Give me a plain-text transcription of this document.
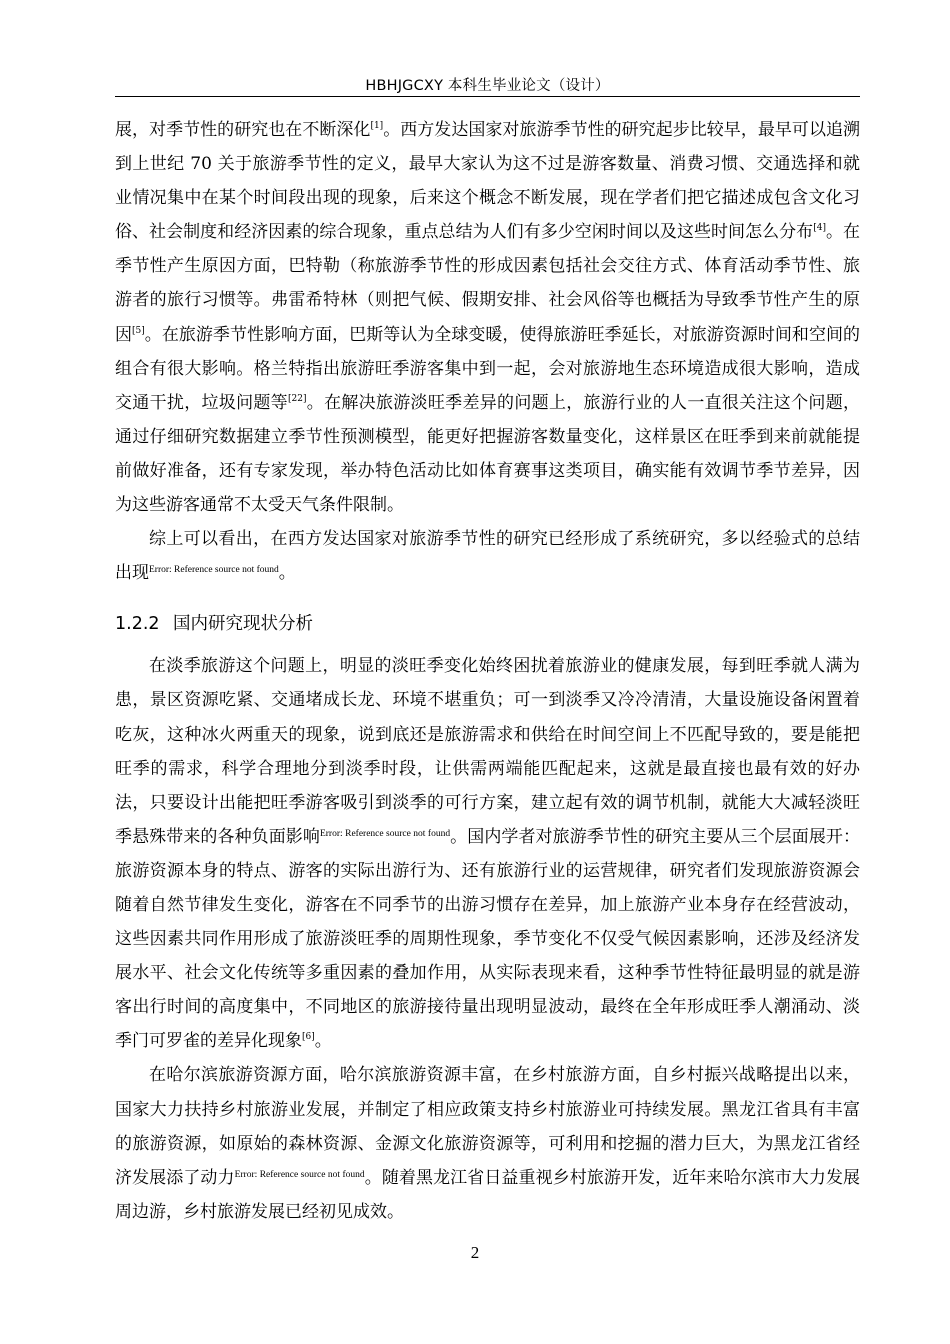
HBHJGCXY 本科生毕业论文（设计）

展，对季节性的研究也在不断深化[1]。西方发达国家对旅游季节性的研究起步比较早，最早可以追溯到上世纪 70 关于旅游季节性的定义，最早大家认为这不过是游客数量、消费习惯、交通选择和就业情况集中在某个时间段出现的现象，后来这个概念不断发展，现在学者们把它描述成包含文化习俗、社会制度和经济因素的综合现象，重点总结为人们有多少空闲时间以及这些时间怎么分布[4]。在季节性产生原因方面，巴特勒（称旅游季节性的形成因素包括社会交往方式、体育活动季节性、旅游者的旅行习惯等。弗雷希特林（则把气候、假期安排、社会风俗等也概括为导致季节性产生的原因[5]。在旅游季节性影响方面，巴斯等认为全球变暖，使得旅游旺季延长，对旅游资源时间和空间的组合有很大影响。格兰特指出旅游旺季游客集中到一起，会对旅游地生态环境造成很大影响，造成交通干扰，垃圾问题等[22]。在解决旅游淡旺季差异的问题上，旅游行业的人一直很关注这个问题，通过仔细研究数据建立季节性预测模型，能更好把握游客数量变化，这样景区在旺季到来前就能提前做好准备，还有专家发现，举办特色活动比如体育赛事这类项目，确实能有效调节季节差异，因为这些游客通常不太受天气条件限制。

综上可以看出，在西方发达国家对旅游季节性的研究已经形成了系统研究，多以经验式的总结出现$^{Error: Reference source not found}$。

1.2.2 国内研究现状分析

在淡季旅游这个问题上，明显的淡旺季变化始终困扰着旅游业的健康发展，每到旺季就人满为患，景区资源吃紧、交通堵成长龙、环境不堪重负；可一到淡季又冷冷清清，大量设施设备闲置着吃灰，这种冰火两重天的现象，说到底还是旅游需求和供给在时间空间上不匹配导致的，要是能把旺季的需求，科学合理地分到淡季时段，让供需两端能匹配起来，这就是最直接也最有效的好办法，只要设计出能把旺季游客吸引到淡季的可行方案，建立起有效的调节机制，就能大大减轻淡旺季悬殊带来的各种负面影响$^{Error: Reference source not found}$。国内学者对旅游季节性的研究主要从三个层面展开：旅游资源本身的特点、游客的实际出游行为、还有旅游行业的运营规律，研究者们发现旅游资源会随着自然节律发生变化，游客在不同季节的出游习惯存在差异，加上旅游产业本身存在经营波动，这些因素共同作用形成了旅游淡旺季的周期性现象，季节变化不仅受气候因素影响，还涉及经济发展水平、社会文化传统等多重因素的叠加作用，从实际表现来看，这种季节性特征最明显的就是游客出行时间的高度集中，不同地区的旅游接待量出现明显波动，最终在全年形成旺季人潮涌动、淡季门可罗雀的差异化现象[6]。

在哈尔滨旅游资源方面，哈尔滨旅游资源丰富，在乡村旅游方面，自乡村振兴战略提出以来，国家大力扶持乡村旅游业发展，并制定了相应政策支持乡村旅游业可持续发展。黑龙江省具有丰富的旅游资源，如原始的森林资源、金源文化旅游资源等，可利用和挖掘的潜力巨大，为黑龙江省经济发展添了动力$^{Error: Reference source not found}$。随着黑龙江省日益重视乡村旅游开发，近年来哈尔滨市大力发展周边游，乡村旅游发展已经初见成效。

2
